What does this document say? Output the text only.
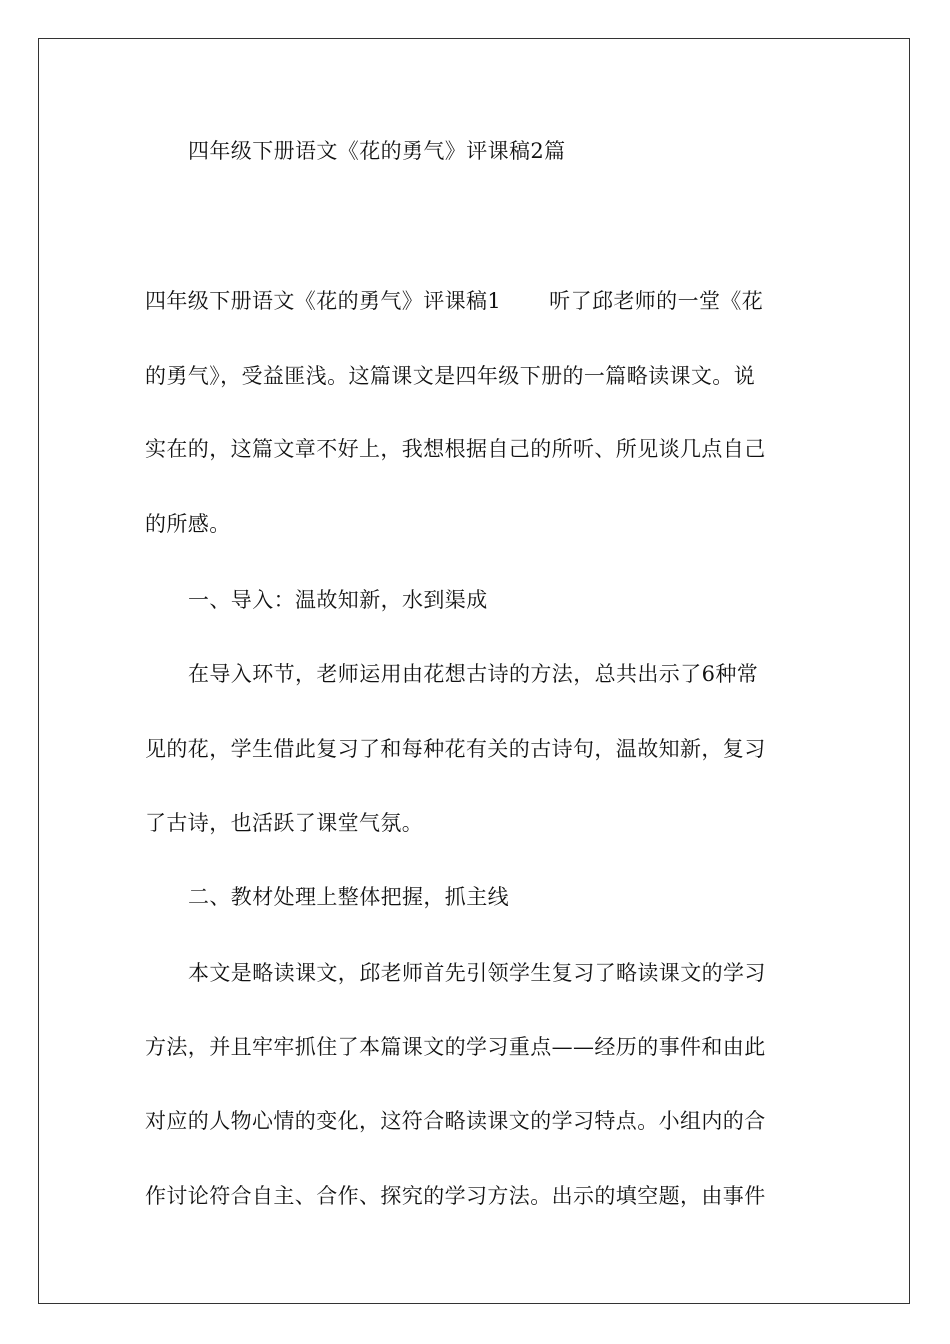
四年级下册语文《花的勇气》评课稿2篇
四年级下册语文《花的勇气》评课稿1 听了邱老师的一堂《花
的勇气》，受益匪浅。这篇课文是四年级下册的一篇略读课文。说
实在的，这篇文章不好上，我想根据自己的所听、所见谈几点自己
的所感。
一、导入：温故知新，水到渠成
在导入环节，老师运用由花想古诗的方法，总共出示了6种常
见的花，学生借此复习了和每种花有关的古诗句，温故知新，复习
了古诗，也活跃了课堂气氛。
二、教材处理上整体把握，抓主线
本文是略读课文，邱老师首先引领学生复习了略读课文的学习
方法，并且牢牢抓住了本篇课文的学习重点——经历的事件和由此
对应的人物心情的变化，这符合略读课文的学习特点。小组内的合
作讨论符合自主、合作、探究的学习方法。出示的填空题，由事件
